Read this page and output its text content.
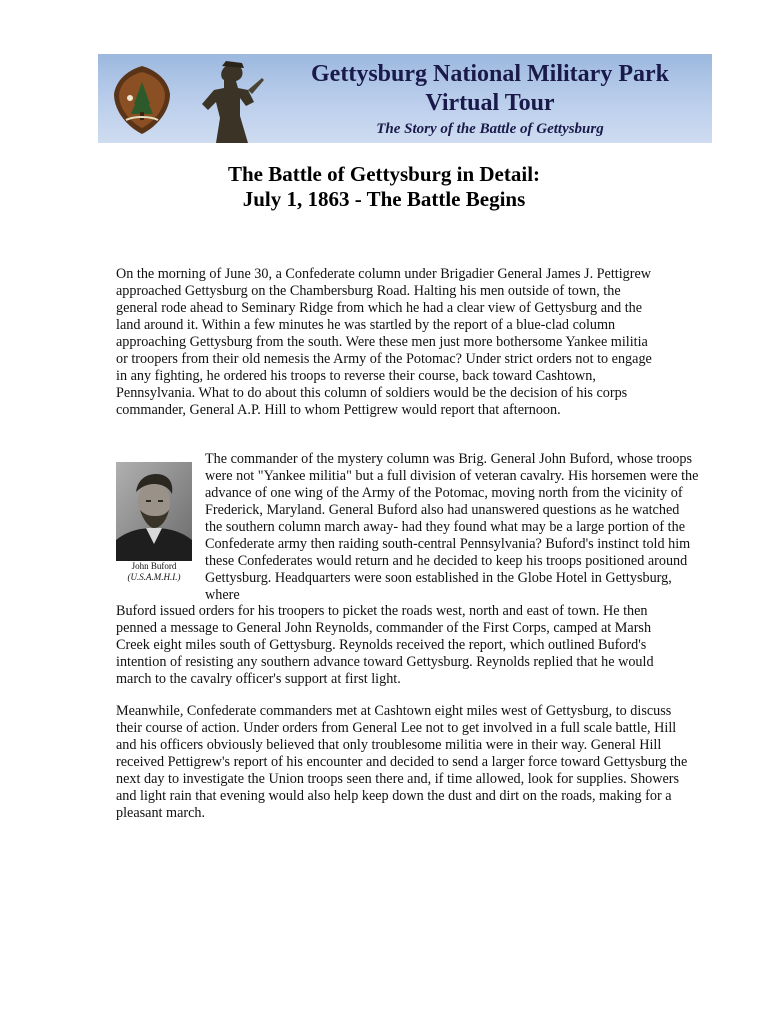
Gettysburg National Military Park
Virtual Tour
The Story of the Battle of Gettysburg
The Battle of Gettysburg in Detail:
July 1, 1863 - The Battle Begins

On the morning of June 30, a Confederate column under Brigadier General James J. Pettigrew approached Gettysburg on the Chambersburg Road. Halting his men outside of town, the general rode ahead to Seminary Ridge from which he had a clear view of Gettysburg and the land around it. Within a few minutes he was startled by the report of a blue-clad column approaching Gettysburg from the south. Were these men just more bothersome Yankee militia or troopers from their old nemesis the Army of the Potomac? Under strict orders not to engage in any fighting, he ordered his troops to reverse their course, back toward Cashtown, Pennsylvania. What to do about this column of soldiers would be the decision of his corps commander, General A.P. Hill to whom Pettigrew would report that afternoon.

John Buford
(U.S.A.M.H.I.)

The commander of the mystery column was Brig. General John Buford, whose troops were not "Yankee militia" but a full division of veteran cavalry. His horsemen were the advance of one wing of the Army of the Potomac, moving north from the vicinity of Frederick, Maryland. General Buford also had unanswered questions as he watched the southern column march away- had they found what may be a large portion of the Confederate army then raiding south-central Pennsylvania? Buford's instinct told him these Confederates would return and he decided to keep his troops positioned around Gettysburg. Headquarters were soon established in the Globe Hotel in Gettysburg, where

Buford issued orders for his troopers to picket the roads west, north and east of town. He then penned a message to General John Reynolds, commander of the First Corps, camped at Marsh Creek eight miles south of Gettysburg. Reynolds received the report, which outlined Buford's intention of resisting any southern advance toward Gettysburg. Reynolds replied that he would march to the cavalry officer's support at first light.

Meanwhile, Confederate commanders met at Cashtown eight miles west of Gettysburg, to discuss their course of action. Under orders from General Lee not to get involved in a full scale battle, Hill and his officers obviously believed that only troublesome militia were in their way. General Hill received Pettigrew's report of his encounter and decided to send a larger force toward Gettysburg the next day to investigate the Union troops seen there and, if time allowed, look for supplies. Showers and light rain that evening would also help keep down the dust and dirt on the roads, making for a pleasant march.
